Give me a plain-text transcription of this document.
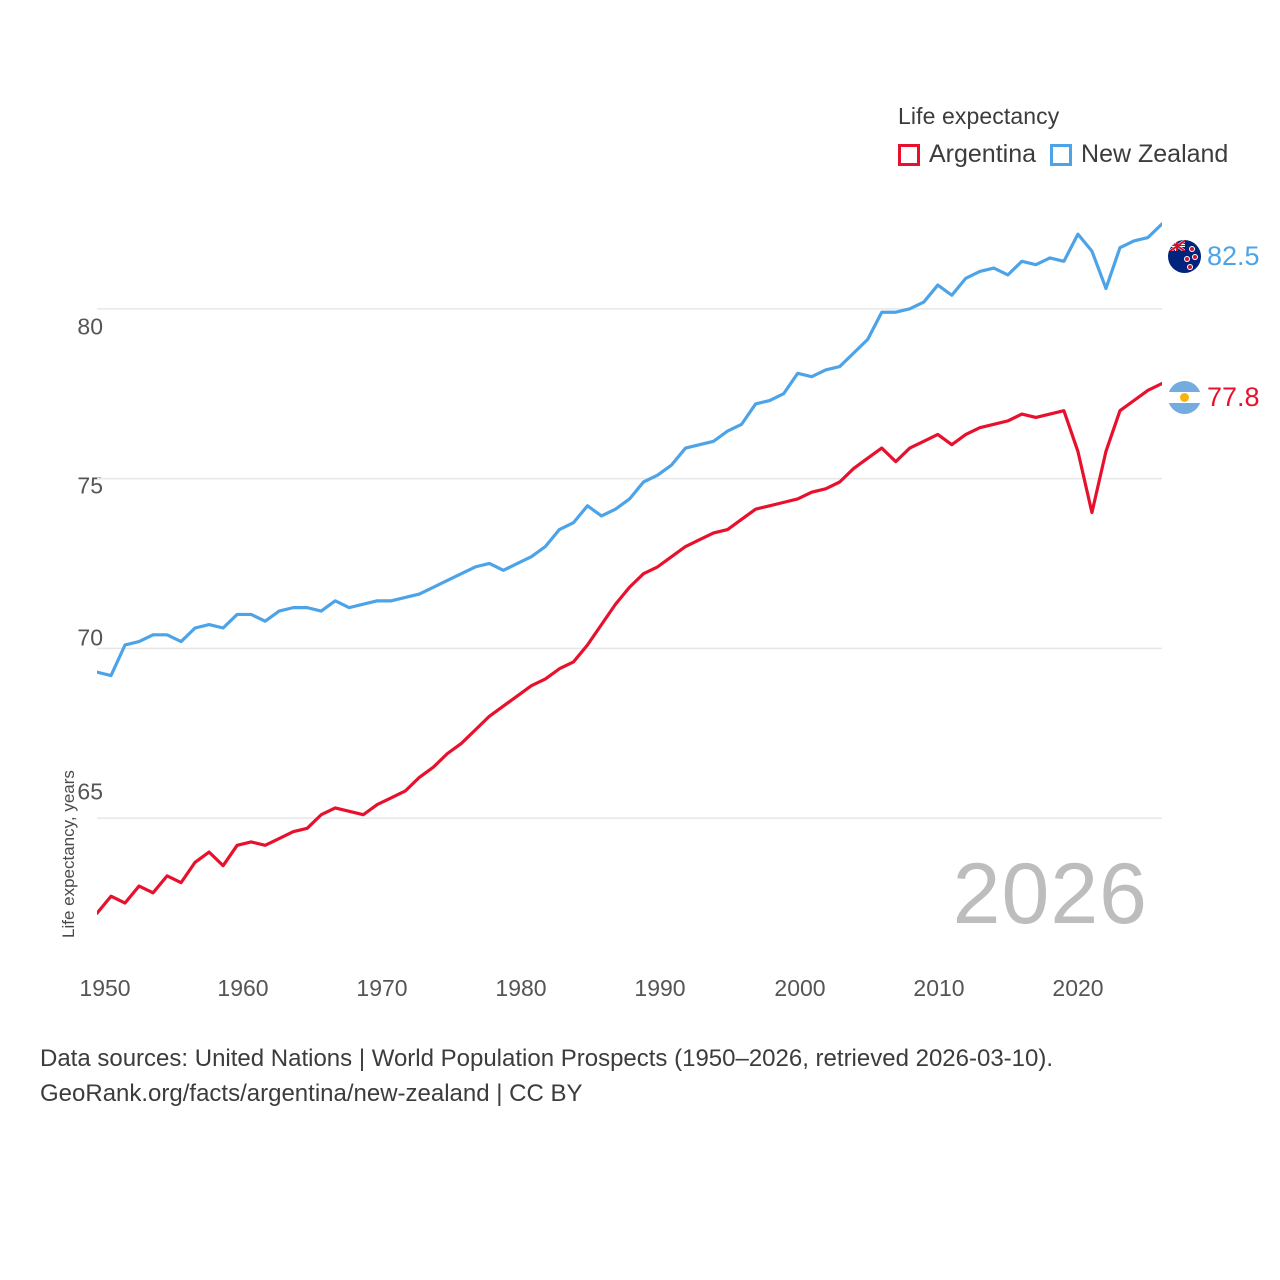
Life expectancy
Argentina New Zealand
Life expectancy, years
80
75
70
65
1950	1960	1970	1980	1990	2000	2010	2020
2026
82.5
77.8
Data sources: United Nations | World Population Prospects (1950–2026, retrieved 2026-03-10).
GeoRank.org/facts/argentina/new-zealand | CC BY
